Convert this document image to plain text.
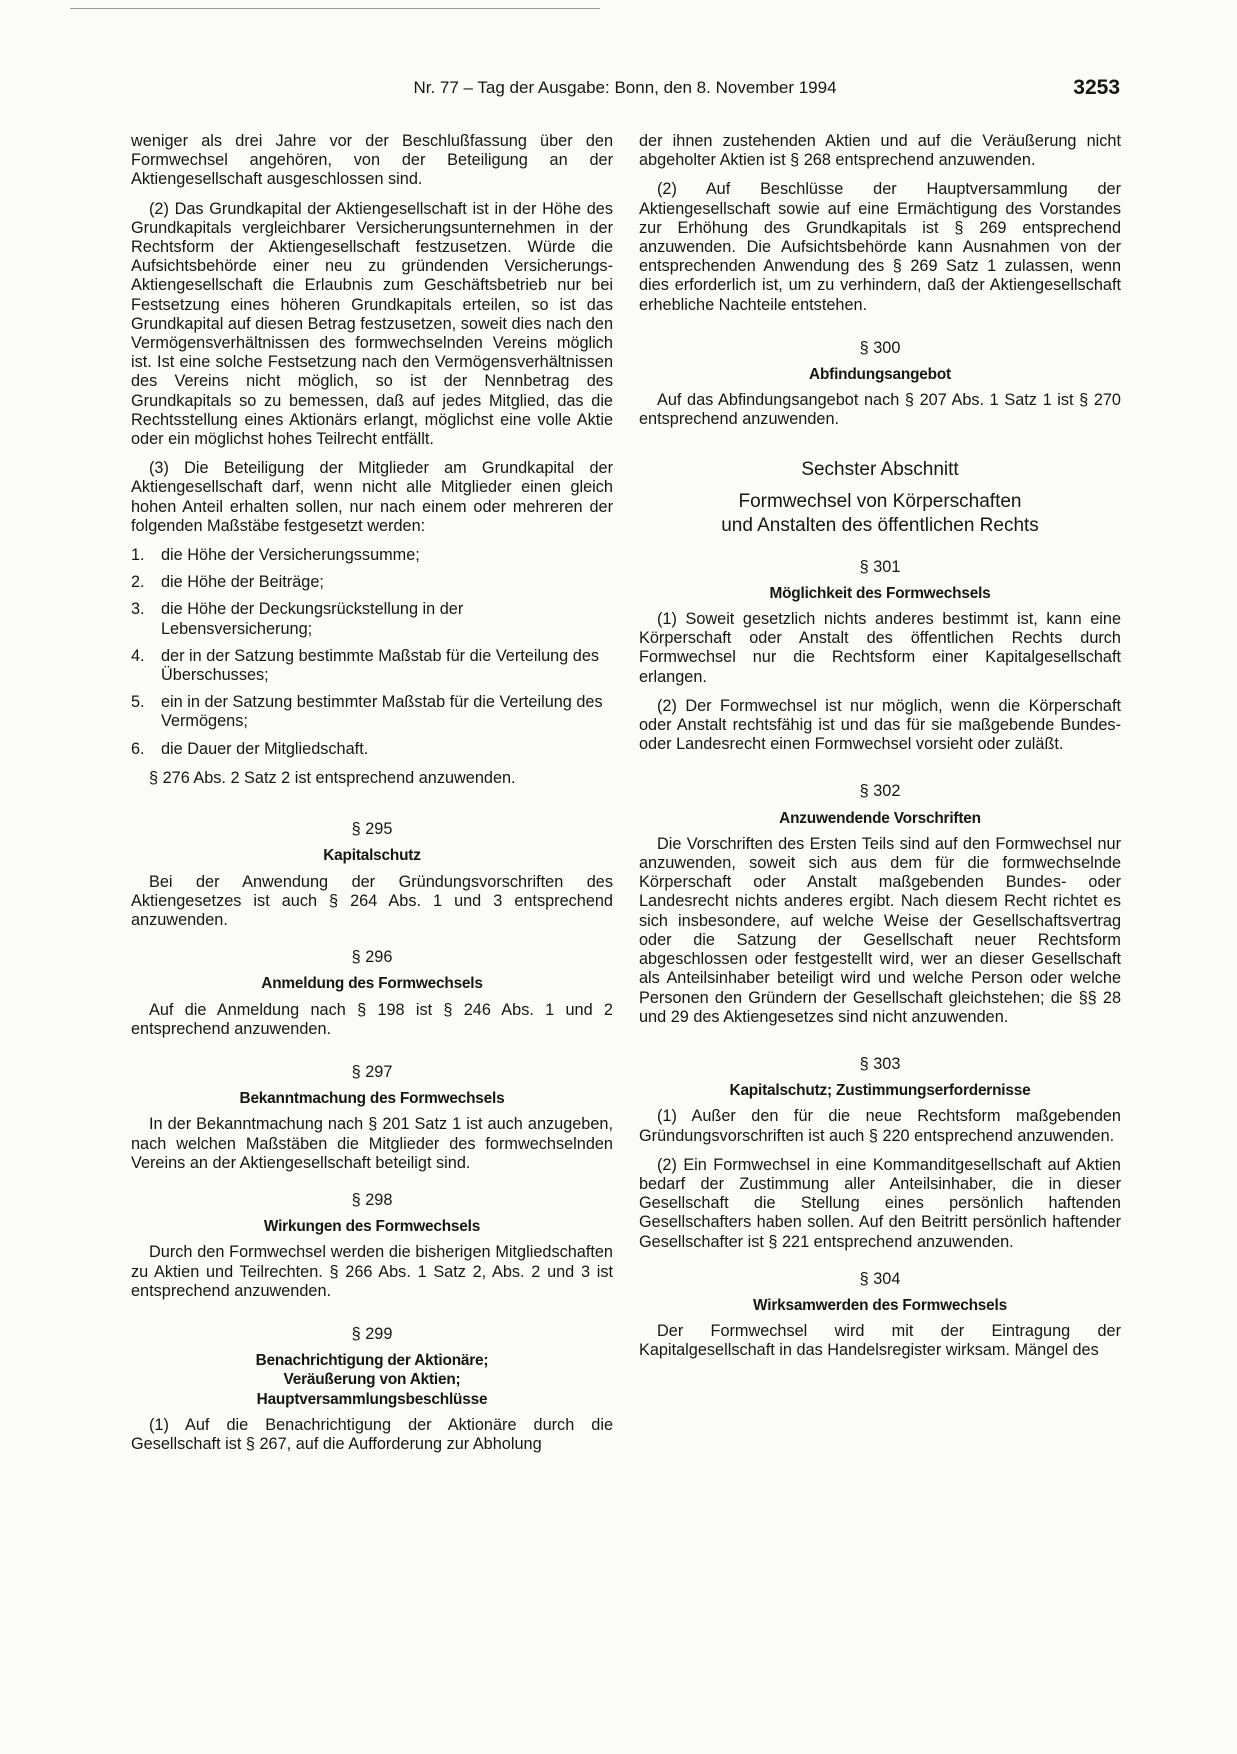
Nr. 77 – Tag der Ausgabe: Bonn, den 8. November 1994	3253

weniger als drei Jahre vor der Beschlußfassung über den Formwechsel angehören, von der Beteiligung an der Aktiengesellschaft ausgeschlossen sind.

(2) Das Grundkapital der Aktiengesellschaft ist in der Höhe des Grundkapitals vergleichbarer Versicherungsunternehmen in der Rechtsform der Aktiengesellschaft festzusetzen. Würde die Aufsichtsbehörde einer neu zu gründenden Versicherungs-Aktiengesellschaft die Erlaubnis zum Geschäftsbetrieb nur bei Festsetzung eines höheren Grundkapitals erteilen, so ist das Grundkapital auf diesen Betrag festzusetzen, soweit dies nach den Vermögensverhältnissen des formwechselnden Vereins möglich ist. Ist eine solche Festsetzung nach den Vermögensverhältnissen des Vereins nicht möglich, so ist der Nennbetrag des Grundkapitals so zu bemessen, daß auf jedes Mitglied, das die Rechtsstellung eines Aktionärs erlangt, möglichst eine volle Aktie oder ein möglichst hohes Teilrecht entfällt.

(3) Die Beteiligung der Mitglieder am Grundkapital der Aktiengesellschaft darf, wenn nicht alle Mitglieder einen gleich hohen Anteil erhalten sollen, nur nach einem oder mehreren der folgenden Maßstäbe festgesetzt werden:

1.	die Höhe der Versicherungssumme;
2.	die Höhe der Beiträge;
3.	die Höhe der Deckungsrückstellung in der Lebensversicherung;
4.	der in der Satzung bestimmte Maßstab für die Verteilung des Überschusses;
5.	ein in der Satzung bestimmter Maßstab für die Verteilung des Vermögens;
6.	die Dauer der Mitgliedschaft.

§ 276 Abs. 2 Satz 2 ist entsprechend anzuwenden.

§ 295
Kapitalschutz

Bei der Anwendung der Gründungsvorschriften des Aktiengesetzes ist auch § 264 Abs. 1 und 3 entsprechend anzuwenden.

§ 296
Anmeldung des Formwechsels

Auf die Anmeldung nach § 198 ist § 246 Abs. 1 und 2 entsprechend anzuwenden.

§ 297
Bekanntmachung des Formwechsels

In der Bekanntmachung nach § 201 Satz 1 ist auch anzugeben, nach welchen Maßstäben die Mitglieder des formwechselnden Vereins an der Aktiengesellschaft beteiligt sind.

§ 298
Wirkungen des Formwechsels

Durch den Formwechsel werden die bisherigen Mitgliedschaften zu Aktien und Teilrechten. § 266 Abs. 1 Satz 2, Abs. 2 und 3 ist entsprechend anzuwenden.

§ 299
Benachrichtigung der Aktionäre;
Veräußerung von Aktien;
Hauptversammlungsbeschlüsse

(1) Auf die Benachrichtigung der Aktionäre durch die Gesellschaft ist § 267, auf die Aufforderung zur Abholung

der ihnen zustehenden Aktien und auf die Veräußerung nicht abgeholter Aktien ist § 268 entsprechend anzuwenden.

(2) Auf Beschlüsse der Hauptversammlung der Aktiengesellschaft sowie auf eine Ermächtigung des Vorstandes zur Erhöhung des Grundkapitals ist § 269 entsprechend anzuwenden. Die Aufsichtsbehörde kann Ausnahmen von der entsprechenden Anwendung des § 269 Satz 1 zulassen, wenn dies erforderlich ist, um zu verhindern, daß der Aktiengesellschaft erhebliche Nachteile entstehen.

§ 300
Abfindungsangebot

Auf das Abfindungsangebot nach § 207 Abs. 1 Satz 1 ist § 270 entsprechend anzuwenden.

Sechster Abschnitt
Formwechsel von Körperschaften
und Anstalten des öffentlichen Rechts
§ 301
Möglichkeit des Formwechsels

(1) Soweit gesetzlich nichts anderes bestimmt ist, kann eine Körperschaft oder Anstalt des öffentlichen Rechts durch Formwechsel nur die Rechtsform einer Kapitalgesellschaft erlangen.

(2) Der Formwechsel ist nur möglich, wenn die Körperschaft oder Anstalt rechtsfähig ist und das für sie maßgebende Bundes- oder Landesrecht einen Formwechsel vorsieht oder zuläßt.

§ 302
Anzuwendende Vorschriften

Die Vorschriften des Ersten Teils sind auf den Formwechsel nur anzuwenden, soweit sich aus dem für die formwechselnde Körperschaft oder Anstalt maßgebenden Bundes- oder Landesrecht nichts anderes ergibt. Nach diesem Recht richtet es sich insbesondere, auf welche Weise der Gesellschaftsvertrag oder die Satzung der Gesellschaft neuer Rechtsform abgeschlossen oder festgestellt wird, wer an dieser Gesellschaft als Anteilsinhaber beteiligt wird und welche Person oder welche Personen den Gründern der Gesellschaft gleichstehen; die §§ 28 und 29 des Aktiengesetzes sind nicht anzuwenden.

§ 303
Kapitalschutz; Zustimmungserfordernisse

(1) Außer den für die neue Rechtsform maßgebenden Gründungsvorschriften ist auch § 220 entsprechend anzuwenden.

(2) Ein Formwechsel in eine Kommanditgesellschaft auf Aktien bedarf der Zustimmung aller Anteilsinhaber, die in dieser Gesellschaft die Stellung eines persönlich haftenden Gesellschafters haben sollen. Auf den Beitritt persönlich haftender Gesellschafter ist § 221 entsprechend anzuwenden.

§ 304
Wirksamwerden des Formwechsels

Der Formwechsel wird mit der Eintragung der Kapitalgesellschaft in das Handelsregister wirksam. Mängel des
